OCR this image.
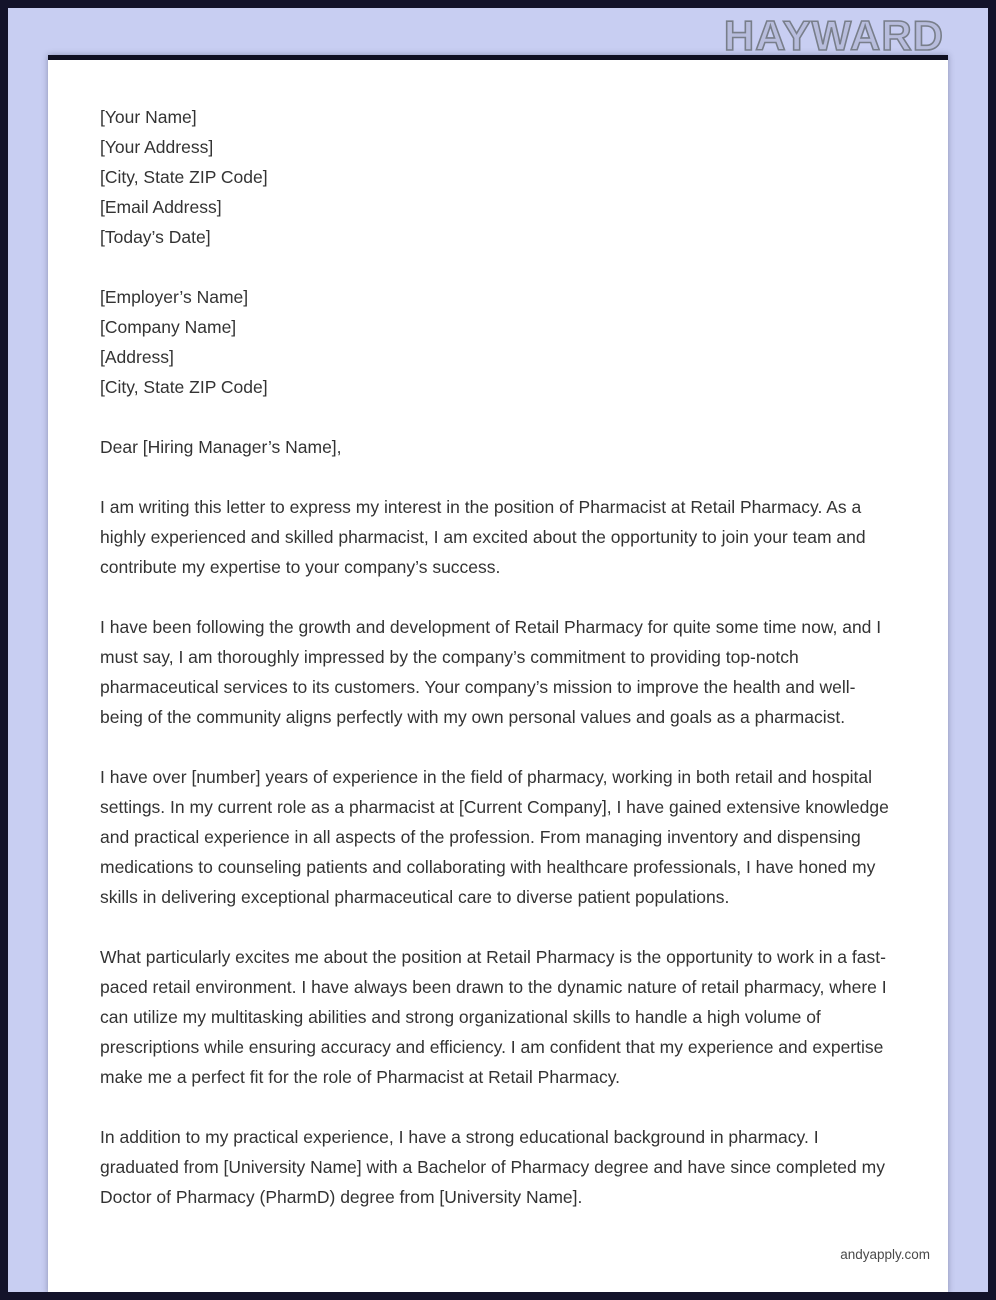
HAYWARD

[Your Name]

[Your Address]

[City, State ZIP Code]

[Email Address]

[Today’s Date]

[Employer’s Name]

[Company Name]

[Address]

[City, State ZIP Code]

Dear [Hiring Manager’s Name],

I am writing this letter to express my interest in the position of Pharmacist at Retail Pharmacy. As a highly experienced and skilled pharmacist, I am excited about the opportunity to join your team and contribute my expertise to your company’s success.

I have been following the growth and development of Retail Pharmacy for quite some time now, and I must say, I am thoroughly impressed by the company’s commitment to providing top-notch pharmaceutical services to its customers. Your company’s mission to improve the health and well-being of the community aligns perfectly with my own personal values and goals as a pharmacist.

I have over [number] years of experience in the field of pharmacy, working in both retail and hospital settings. In my current role as a pharmacist at [Current Company], I have gained extensive knowledge and practical experience in all aspects of the profession. From managing inventory and dispensing medications to counseling patients and collaborating with healthcare professionals, I have honed my skills in delivering exceptional pharmaceutical care to diverse patient populations.

What particularly excites me about the position at Retail Pharmacy is the opportunity to work in a fast-paced retail environment. I have always been drawn to the dynamic nature of retail pharmacy, where I can utilize my multitasking abilities and strong organizational skills to handle a high volume of prescriptions while ensuring accuracy and efficiency. I am confident that my experience and expertise make me a perfect fit for the role of Pharmacist at Retail Pharmacy.

In addition to my practical experience, I have a strong educational background in pharmacy. I graduated from [University Name] with a Bachelor of Pharmacy degree and have since completed my Doctor of Pharmacy (PharmD) degree from [University Name].

andyapply.com
